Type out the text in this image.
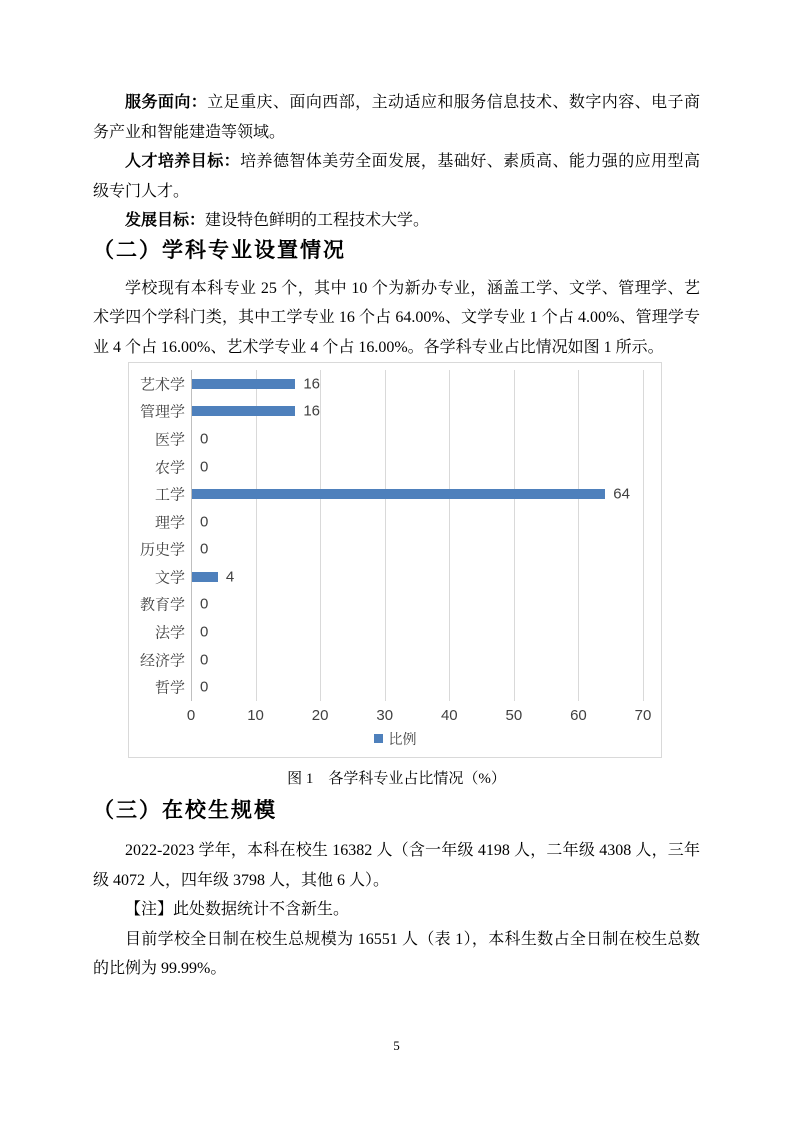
服务面向：立足重庆、面向西部，主动适应和服务信息技术、数字内容、电子商务产业和智能建造等领域。

人才培养目标：培养德智体美劳全面发展，基础好、素质高、能力强的应用型高级专门人才。

发展目标：建设特色鲜明的工程技术大学。

（二）学科专业设置情况

学校现有本科专业 25 个，其中 10 个为新办专业，涵盖工学、文学、管理学、艺术学四个学科门类，其中工学专业 16 个占 64.00%、文学专业 1 个占 4.00%、管理学专业 4 个占 16.00%、艺术学专业 4 个占 16.00%。各学科专业占比情况如图 1 所示。

艺术学	16
管理学	16
医学 0
农学 0
工学	64
理学 0
历史学 0
文学	4
教育学 0
法学 0
经济学 0
哲学 0
0	10	20	30	40	50	60	70
比例
图 1　各学科专业占比情况（%）
（三）在校生规模

2022-2023 学年，本科在校生 16382 人（含一年级 4198 人，二年级 4308 人，三年级 4072 人，四年级 3798 人，其他 6 人）。

【注】此处数据统计不含新生。

目前学校全日制在校生总规模为 16551 人（表 1），本科生数占全日制在校生总数的比例为 99.99%。

5
